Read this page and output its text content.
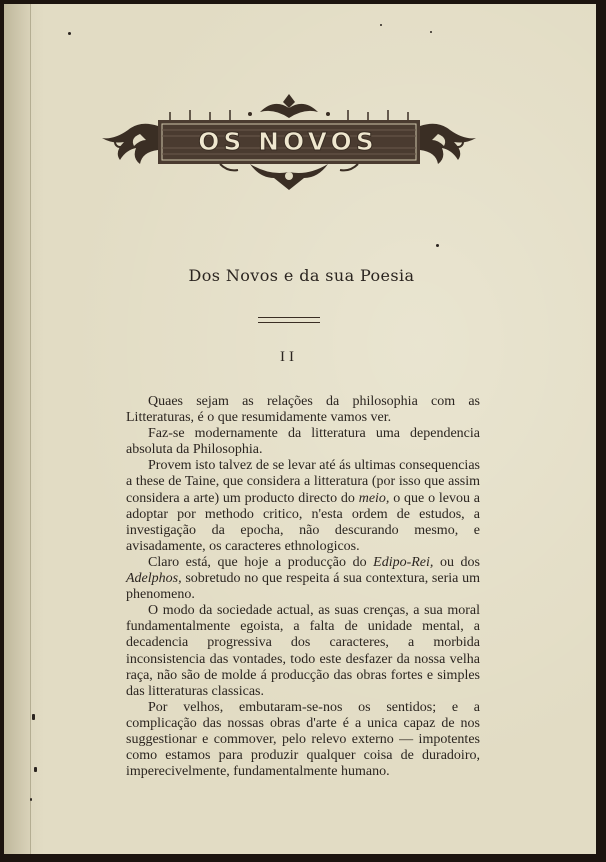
OS NOVOS
Dos Novos e da sua Poesia
II

Quaes sejam as relações da philosophia com as Litteraturas, é o que resumidamente vamos ver.

Faz-se modernamente da litteratura uma dependencia absoluta da Philosophia.

Provem isto talvez de se levar até ás ultimas consequencias a these de Taine, que considera a litteratura (por isso que assim considera a arte) um producto directo do meio, o que o levou a adoptar por methodo critico, n'esta ordem de estudos, a investigação da epocha, não descurando mesmo, e avisadamente, os caracteres ethnologicos.

Claro está, que hoje a producção do Edipo-Rei, ou dos Adelphos, sobretudo no que respeita á sua contextura, seria um phenomeno.

O modo da sociedade actual, as suas crenças, a sua moral fundamentalmente egoista, a falta de unidade mental, a decadencia progressiva dos caracteres, a morbida inconsistencia das vontades, todo este desfazer da nossa velha raça, não são de molde á producção das obras fortes e simples das litteraturas classicas.

Por velhos, embutaram-se-nos os sentidos; e a complicação das nossas obras d'arte é a unica capaz de nos suggestionar e commover, pelo relevo externo — impotentes como estamos para produzir qualquer coisa de duradoiro, imperecivelmente, fundamentalmente humano.
